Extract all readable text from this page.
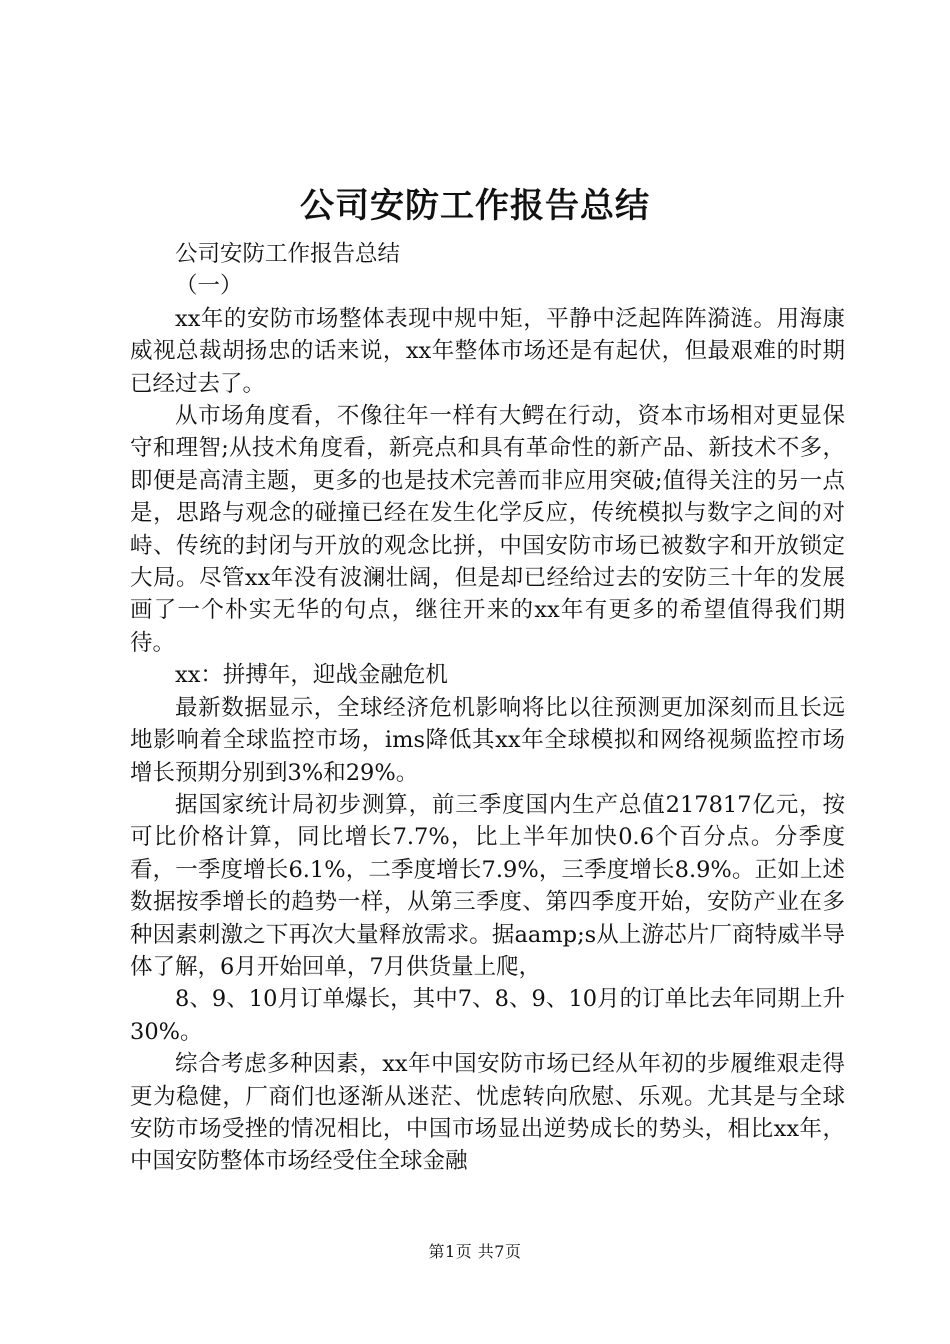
公司安防工作报告总结

公司安防工作报告总结

（一）

xx年的安防市场整体表现中规中矩，平静中泛起阵阵漪涟。用海康威视总裁胡扬忠的话来说，xx年整体市场还是有起伏，但最艰难的时期已经过去了。

从市场角度看，不像往年一样有大鳄在行动，资本市场相对更显保守和理智;从技术角度看，新亮点和具有革命性的新产品、新技术不多，即便是高清主题，更多的也是技术完善而非应用突破;值得关注的另一点是，思路与观念的碰撞已经在发生化学反应，传统模拟与数字之间的对峙、传统的封闭与开放的观念比拼，中国安防市场已被数字和开放锁定大局。尽管xx年没有波澜壮阔，但是却已经给过去的安防三十年的发展画了一个朴实无华的句点，继往开来的xx年有更多的希望值得我们期待。

xx：拼搏年，迎战金融危机

最新数据显示，全球经济危机影响将比以往预测更加深刻而且长远地影响着全球监控市场，ims降低其xx年全球模拟和网络视频监控市场增长预期分别到3%和29%。

据国家统计局初步测算，前三季度国内生产总值217817亿元，按可比价格计算，同比增长7.7%，比上半年加快0.6个百分点。分季度看，一季度增长6.1%，二季度增长7.9%，三季度增长8.9%。正如上述数据按季增长的趋势一样，从第三季度、第四季度开始，安防产业在多种因素刺激之下再次大量释放需求。据aamp;s从上游芯片厂商特威半导体了解，6月开始回单，7月供货量上爬，

8、9、10月订单爆长，其中7、8、9、10月的订单比去年同期上升30%。

综合考虑多种因素，xx年中国安防市场已经从年初的步履维艰走得更为稳健，厂商们也逐渐从迷茫、忧虑转向欣慰、乐观。尤其是与全球安防市场受挫的情况相比，中国市场显出逆势成长的势头，相比xx年，中国安防整体市场经受住全球金融

第1页 共7页
